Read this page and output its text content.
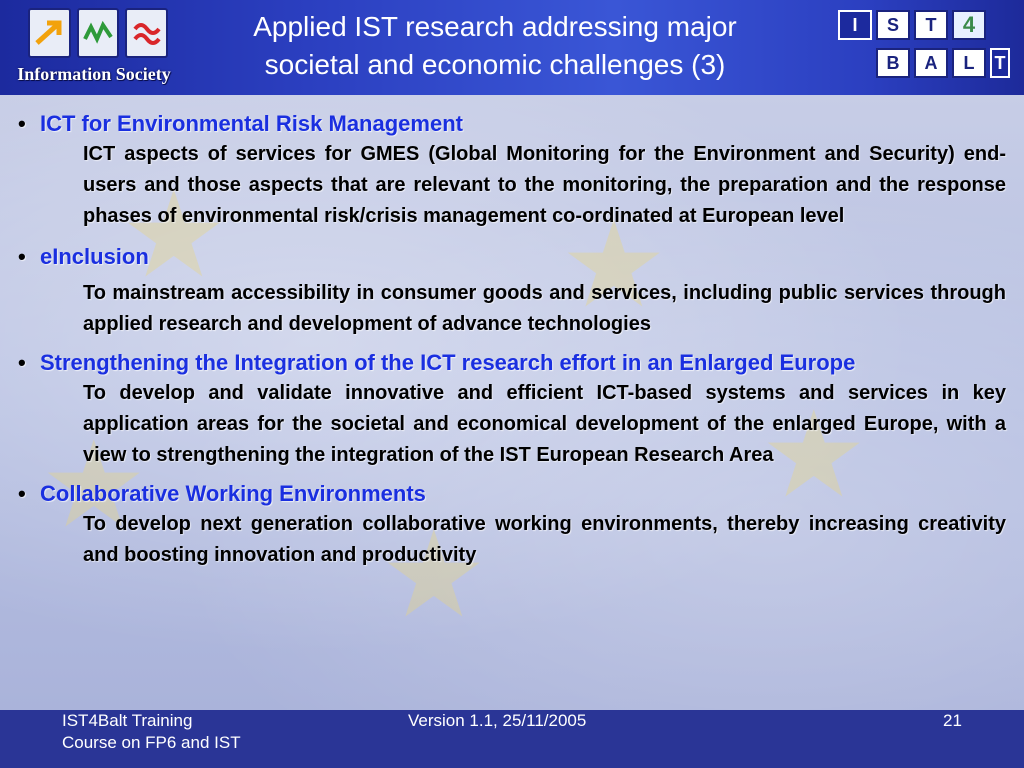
Information Society
Applied IST research addressing major
societal and economic challenges (3)
I	S	T	4
B	A	L	T
★	★
★	★
★
• ICT for Environmental Risk Management
ICT aspects of services for GMES (Global Monitoring for the Environment and Security) end-users and those aspects that are relevant to the monitoring, the preparation and the response phases of environmental risk/crisis management co-ordinated at European level
• eInclusion
To mainstream accessibility in consumer goods and services, including public services through applied research and development of advance technologies
• Strengthening the Integration of the ICT research effort in an Enlarged Europe
To develop and validate innovative and efficient ICT-based systems and services in key application areas for the societal and economical development of the enlarged Europe, with a view to strengthening the integration of the IST European Research Area
• Collaborative Working Environments
To develop next generation collaborative working environments, thereby increasing creativity and boosting innovation and productivity
IST4Balt Training
Course on FP6 and IST
Version 1.1, 25/11/2005	21
